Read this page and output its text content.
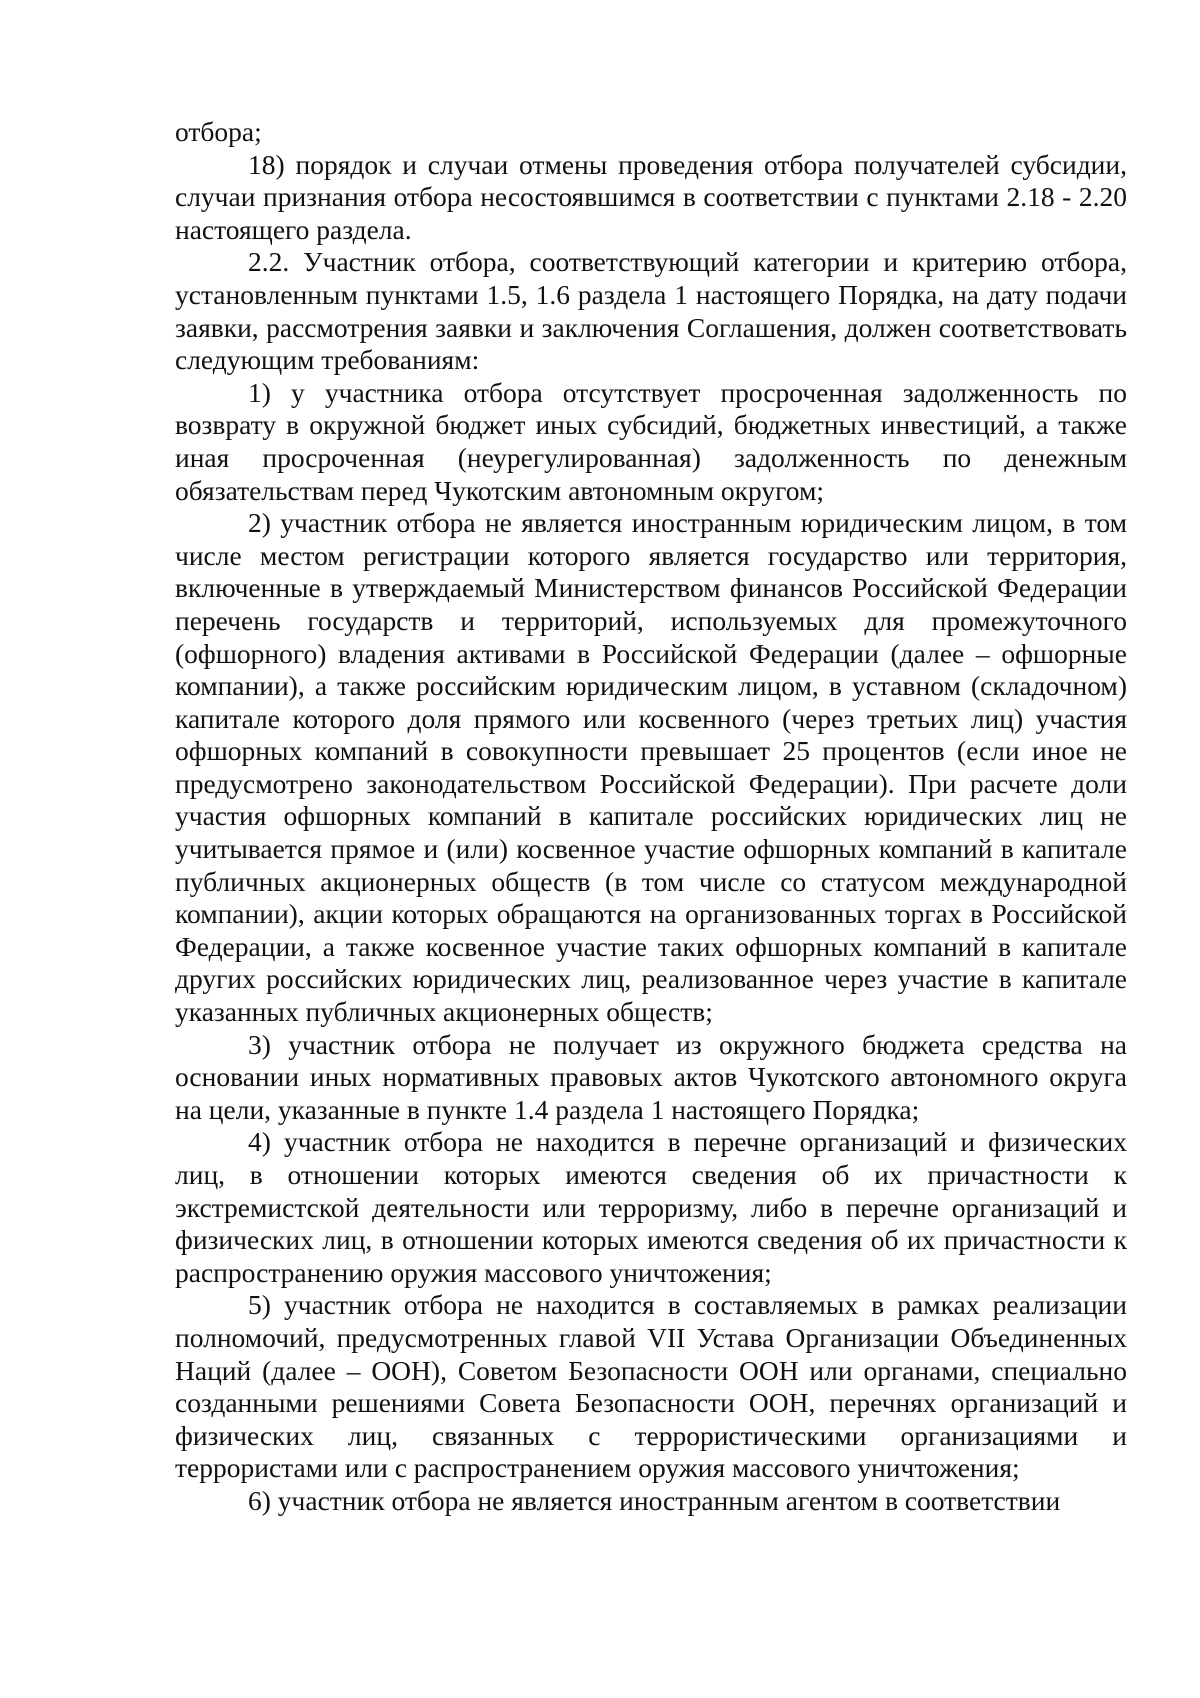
отбора;

18) порядок и случаи отмены проведения отбора получателей субсидии, случаи признания отбора несостоявшимся в соответствии с пунктами 2.18 - 2.20 настоящего раздела.

2.2. Участник отбора, соответствующий категории и критерию отбора, установленным пунктами 1.5, 1.6 раздела 1 настоящего Порядка, на дату подачи заявки, рассмотрения заявки и заключения Соглашения, должен соответствовать следующим требованиям:

1) у участника отбора отсутствует просроченная задолженность по возврату в окружной бюджет иных субсидий, бюджетных инвестиций, а также иная просроченная (неурегулированная) задолженность по денежным обязательствам перед Чукотским автономным округом;

2) участник отбора не является иностранным юридическим лицом, в том числе местом регистрации которого является государство или территория, включенные в утверждаемый Министерством финансов Российской Федерации перечень государств и территорий, используемых для промежуточного (офшорного) владения активами в Российской Федерации (далее – офшорные компании), а также российским юридическим лицом, в уставном (складочном) капитале которого доля прямого или косвенного (через третьих лиц) участия офшорных компаний в совокупности превышает 25 процентов (если иное не предусмотрено законодательством Российской Федерации). При расчете доли участия офшорных компаний в капитале российских юридических лиц не учитывается прямое и (или) косвенное участие офшорных компаний в капитале публичных акционерных обществ (в том числе со статусом международной компании), акции которых обращаются на организованных торгах в Российской Федерации, а также косвенное участие таких офшорных компаний в капитале других российских юридических лиц, реализованное через участие в капитале указанных публичных акционерных обществ;

3) участник отбора не получает из окружного бюджета средства на основании иных нормативных правовых актов Чукотского автономного округа на цели, указанные в пункте 1.4 раздела 1 настоящего Порядка;

4) участник отбора не находится в перечне организаций и физических лиц, в отношении которых имеются сведения об их причастности к экстремистской деятельности или терроризму, либо в перечне организаций и физических лиц, в отношении которых имеются сведения об их причастности к распространению оружия массового уничтожения;

5) участник отбора не находится в составляемых в рамках реализации полномочий, предусмотренных главой VII Устава Организации Объединенных Наций (далее – ООН), Советом Безопасности ООН или органами, специально созданными решениями Совета Безопасности ООН, перечнях организаций и физических лиц, связанных с террористическими организациями и террористами или с распространением оружия массового уничтожения;

6) участник отбора не является иностранным агентом в соответствии
